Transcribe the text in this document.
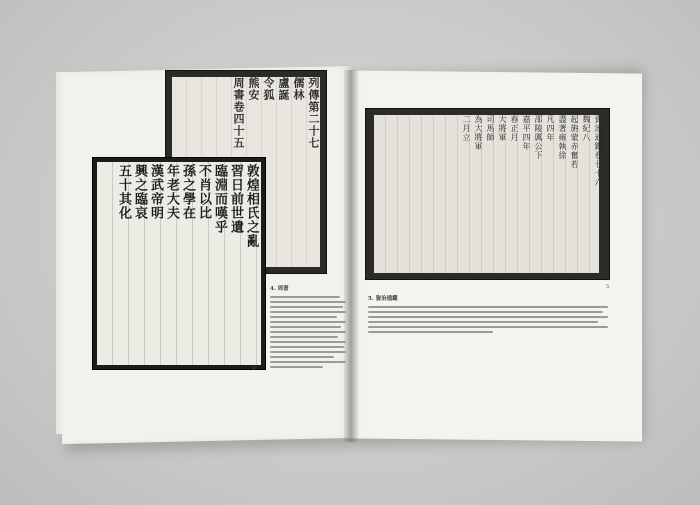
列傳第二十七
儒林
盧誕
令狐
熊安
周書卷四十五
敦煌相氏之亂
習日前世遺
臨淵而嘆乎
不肖以比
孫之學在
年老大夫
漢武帝明
興之臨哀
五十其化
4. 周書
4
資治通鑑卷七十六
魏紀八
起旃蒙赤奮若
盡著雍執徐
凡四年
邵陵厲公下
嘉平四年
春正月
大將軍
司馬師
為大將軍
二月立
5
5. 資治通鑑
